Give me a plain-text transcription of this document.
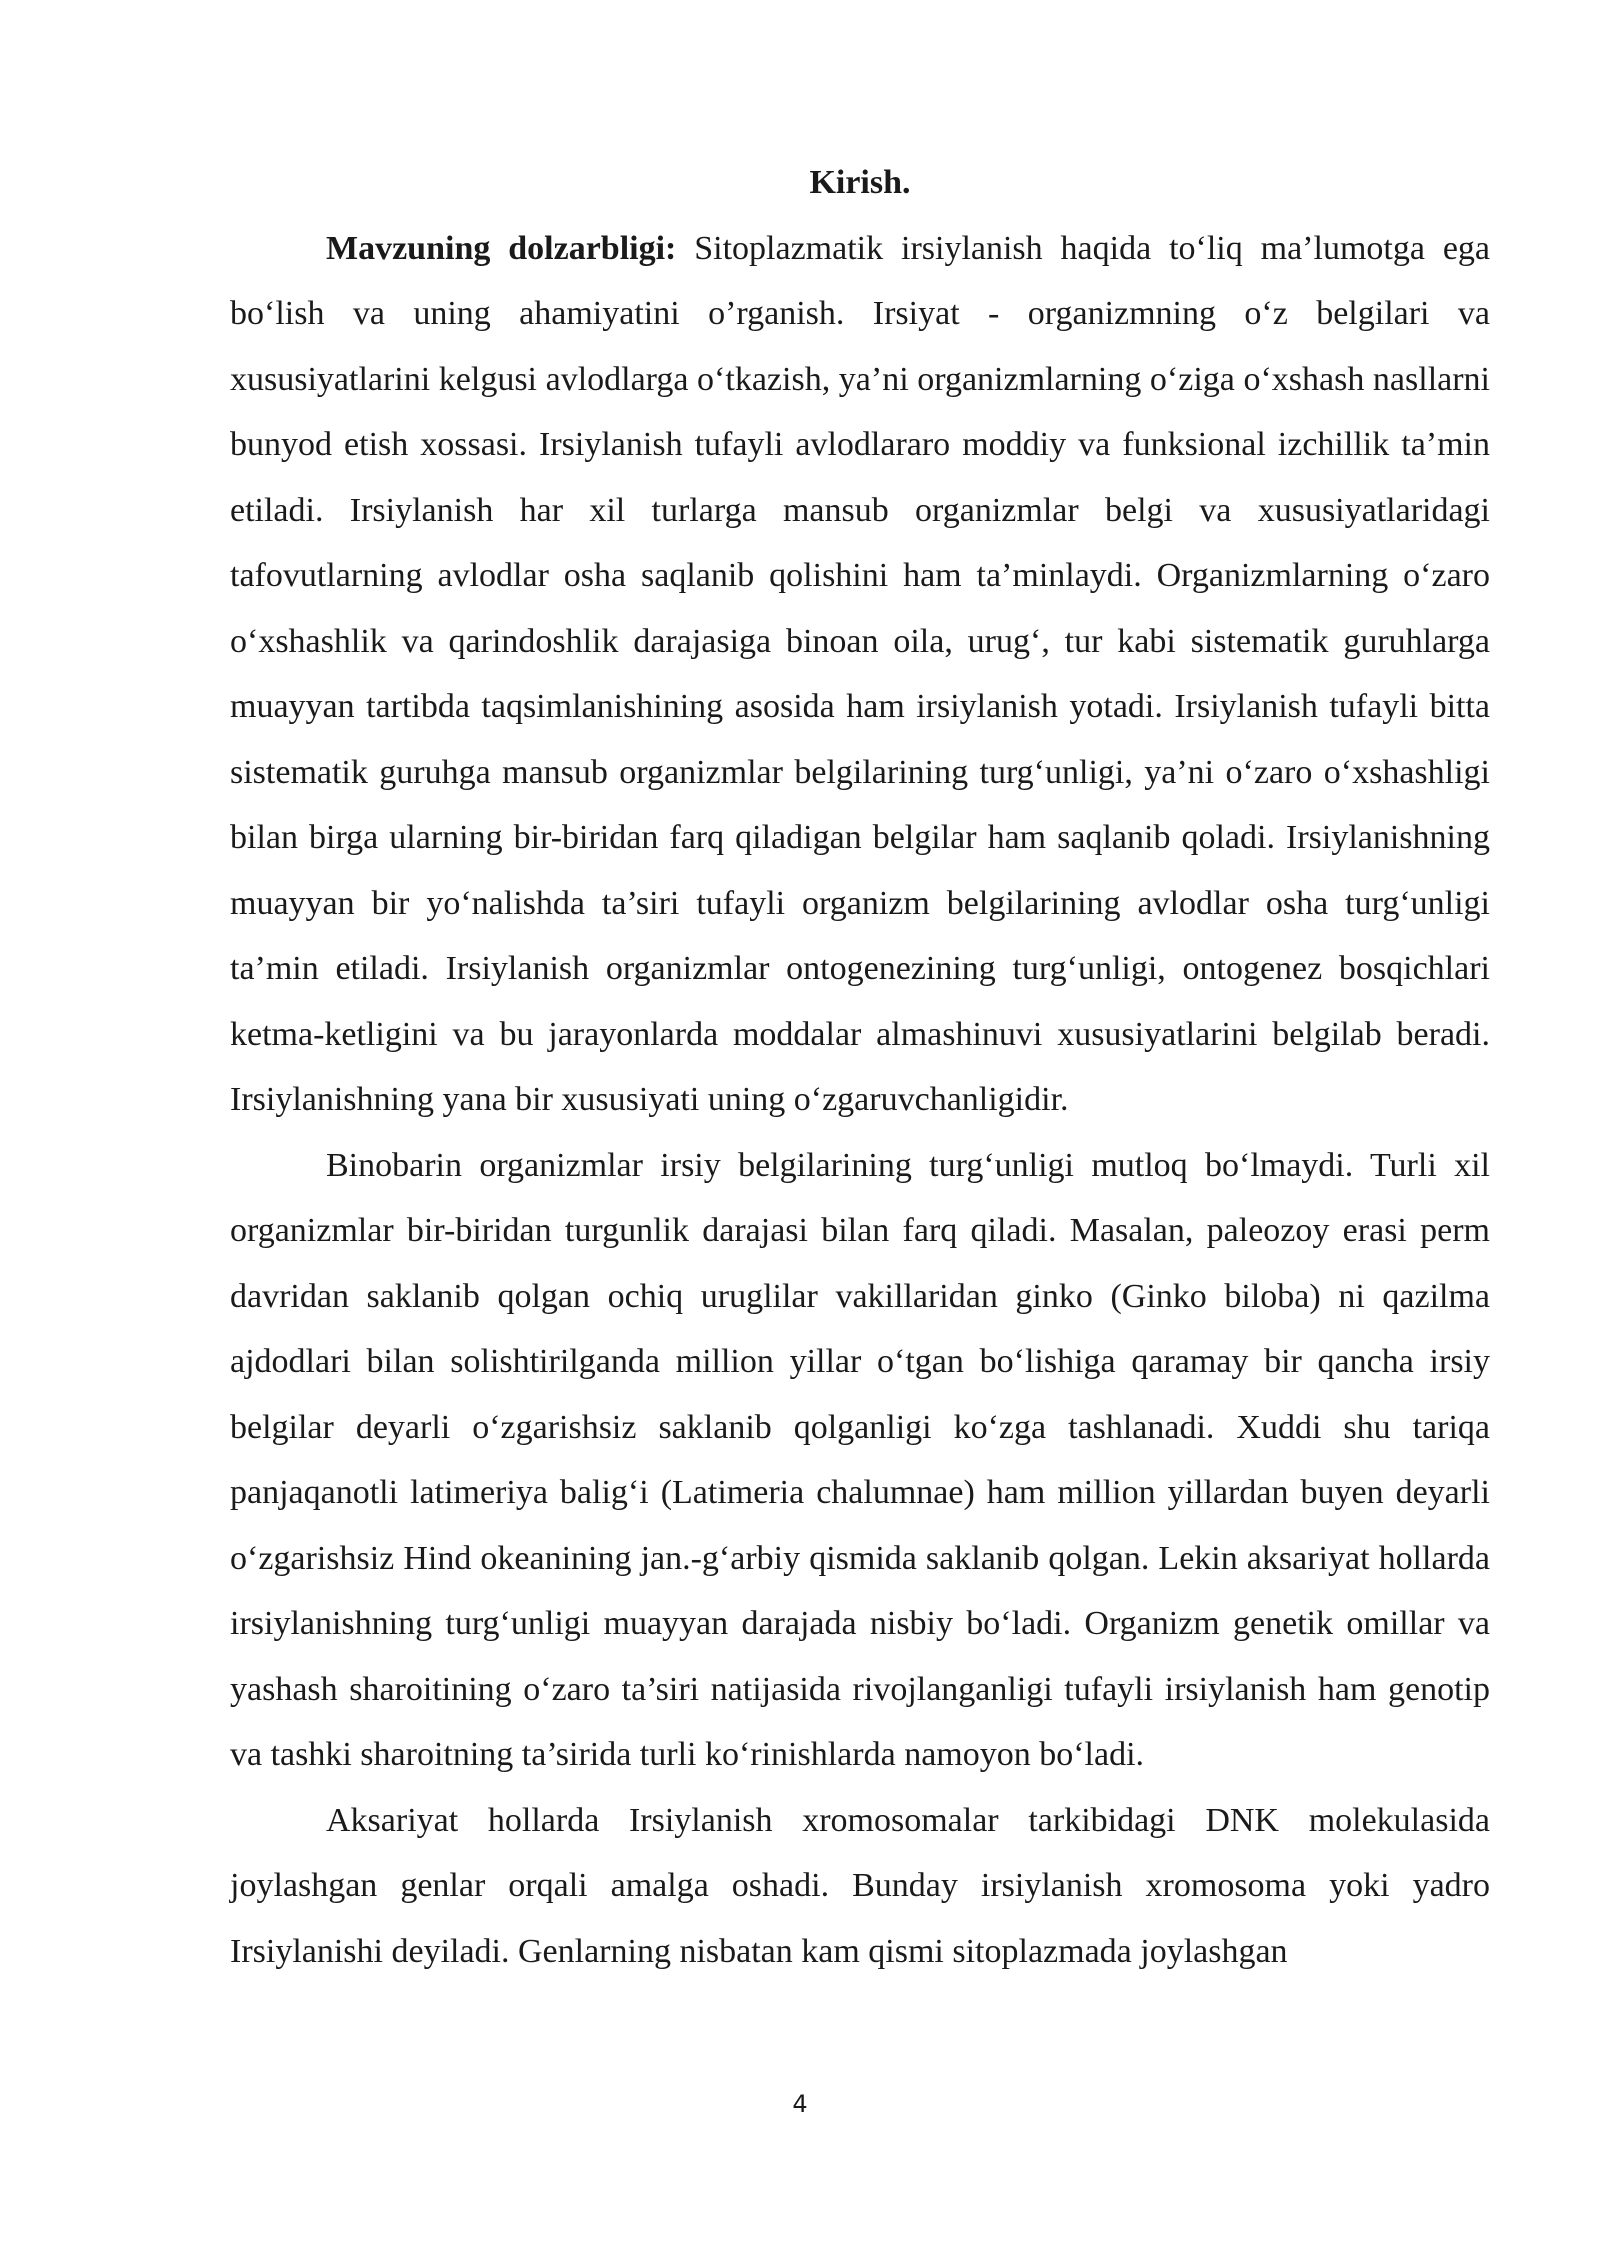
Kirish.

Mavzuning dolzarbligi: Sitoplazmatik irsiylanish haqida to‘liq ma’lumotga ega bo‘lish va uning ahamiyatini o’rganish. Irsiyat - organizmning o‘z belgilari va xususiyatlarini kelgusi avlodlarga o‘tkazish, ya’ni organizmlarning o‘ziga o‘xshash nasllarni bunyod etish xossasi. Irsiylanish tufayli avlodlararo moddiy va funksional izchillik ta’min etiladi. Irsiylanish har xil turlarga mansub organizmlar belgi va xususiyatlaridagi tafovutlarning avlodlar osha saqlanib qolishini ham ta’minlaydi. Organizmlarning o‘zaro o‘xshashlik va qarindoshlik darajasiga binoan oila, urug‘, tur kabi sistematik guruhlarga muayyan tartibda taqsimlanishining asosida ham irsiylanish yotadi. Irsiylanish tufayli bitta sistematik guruhga mansub organizmlar belgilarining turg‘unligi, ya’ni o‘zaro o‘xshashligi bilan birga ularning bir-biridan farq qiladigan belgilar ham saqlanib qoladi. Irsiylanishning muayyan bir yo‘nalishda ta’siri tufayli organizm belgilarining avlodlar osha turg‘unligi ta’min etiladi. Irsiylanish organizmlar ontogenezining turg‘unligi, ontogenez bosqichlari ketma-ketligini va bu jarayonlarda moddalar almashinuvi xususiyatlarini belgilab beradi. Irsiylanishning yana bir xususiyati uning o‘zgaruvchanligidir.

Binobarin organizmlar irsiy belgilarining turg‘unligi mutloq bo‘lmaydi. Turli xil organizmlar bir-biridan turgunlik darajasi bilan farq qiladi. Masalan, paleozoy erasi perm davridan saklanib qolgan ochiq uruglilar vakillaridan ginko (Ginko biloba) ni qazilma ajdodlari bilan solishtirilganda million yillar o‘tgan bo‘lishiga qaramay bir qancha irsiy belgilar deyarli o‘zgarishsiz saklanib qolganligi ko‘zga tashlanadi. Xuddi shu tariqa panjaqanotli latimeriya balig‘i (Latimeria chalumnae) ham million yillardan buyen deyarli o‘zgarishsiz Hind okeanining jan.-g‘arbiy qismida saklanib qolgan. Lekin aksariyat hollarda irsiylanishning turg‘unligi muayyan darajada nisbiy bo‘ladi. Organizm genetik omillar va yashash sharoitining o‘zaro ta’siri natijasida rivojlanganligi tufayli irsiylanish ham genotip va tashki sharoitning ta’sirida turli ko‘rinishlarda namoyon bo‘ladi.

Aksariyat hollarda Irsiylanish xromosomalar tarkibidagi DNK molekulasida joylashgan genlar orqali amalga oshadi. Bunday irsiylanish xromosoma yoki yadro Irsiylanishi deyiladi. Genlarning nisbatan kam qismi sitoplazmada joylashgan

4
